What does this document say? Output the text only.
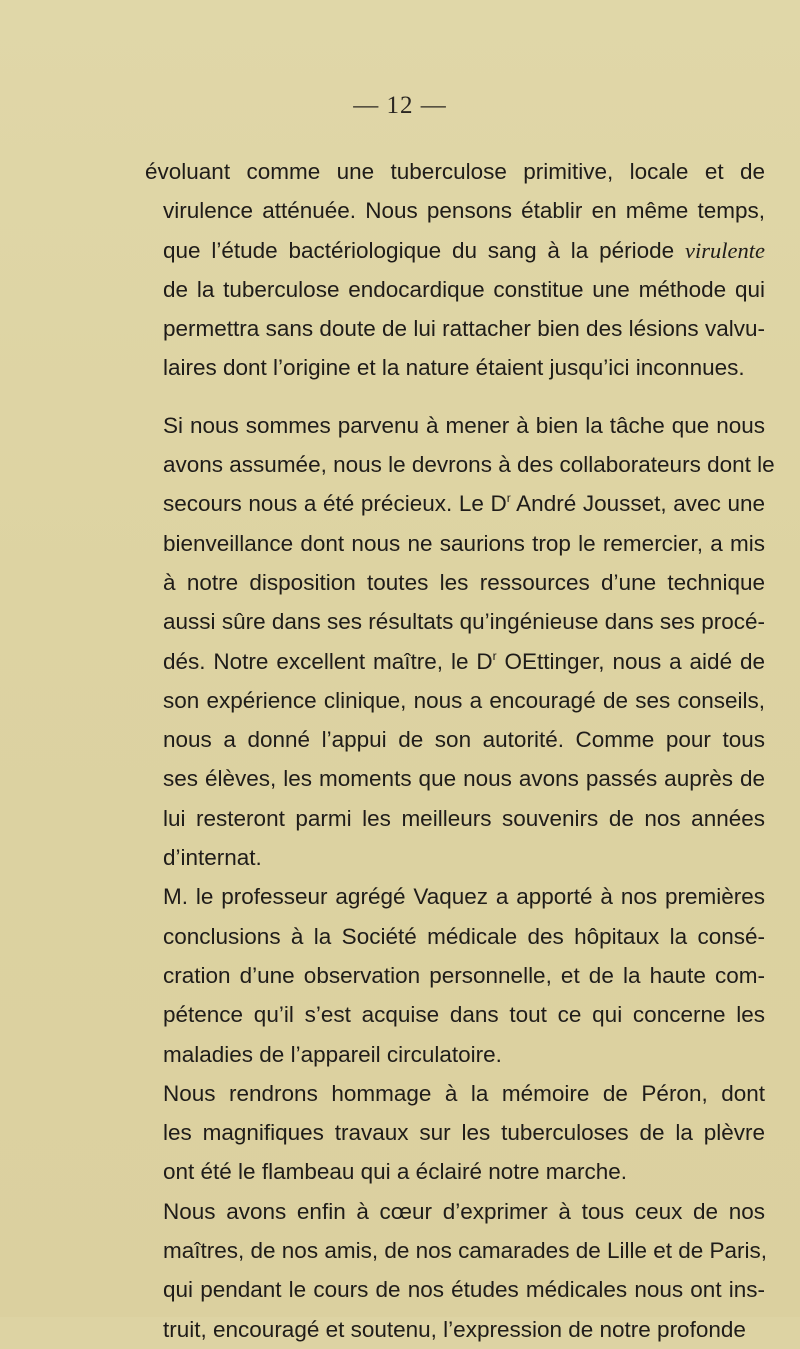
— 12 —

évoluant comme une tuberculose primitive, locale et de
virulence atténuée. Nous pensons établir en même temps,
que l’étude bactériologique du sang à la période virulente
de la tuberculose endocardique constitue une méthode qui
permettra sans doute de lui rattacher bien des lésions valvu-
laires dont l’origine et la nature étaient jusqu’ici inconnues.

Si nous sommes parvenu à mener à bien la tâche que nous
avons assumée, nous le devrons à des collaborateurs dont le
secours nous a été précieux. Le $D^r$ André Jousset, avec une
bienveillance dont nous ne saurions trop le remercier, a mis
à notre disposition toutes les ressources d’une technique
aussi sûre dans ses résultats qu’ingénieuse dans ses procé-
dés. Notre excellent maître, le $D^r$ OEttinger, nous a aidé de
son expérience clinique, nous a encouragé de ses conseils,
nous a donné l’appui de son autorité. Comme pour tous
ses élèves, les moments que nous avons passés auprès de
lui resteront parmi les meilleurs souvenirs de nos années
d’internat.

M. le professeur agrégé Vaquez a apporté à nos premières
conclusions à la Société médicale des hôpitaux la consé-
cration d’une observation personnelle, et de la haute com-
pétence qu’il s’est acquise dans tout ce qui concerne les
maladies de l’appareil circulatoire.

Nous rendrons hommage à la mémoire de Péron, dont
les magnifiques travaux sur les tuberculoses de la plèvre
ont été le flambeau qui a éclairé notre marche.

Nous avons enfin à cœur d’exprimer à tous ceux de nos
maîtres, de nos amis, de nos camarades de Lille et de Paris,
qui pendant le cours de nos études médicales nous ont ins-
truit, encouragé et soutenu, l’expression de notre profonde
